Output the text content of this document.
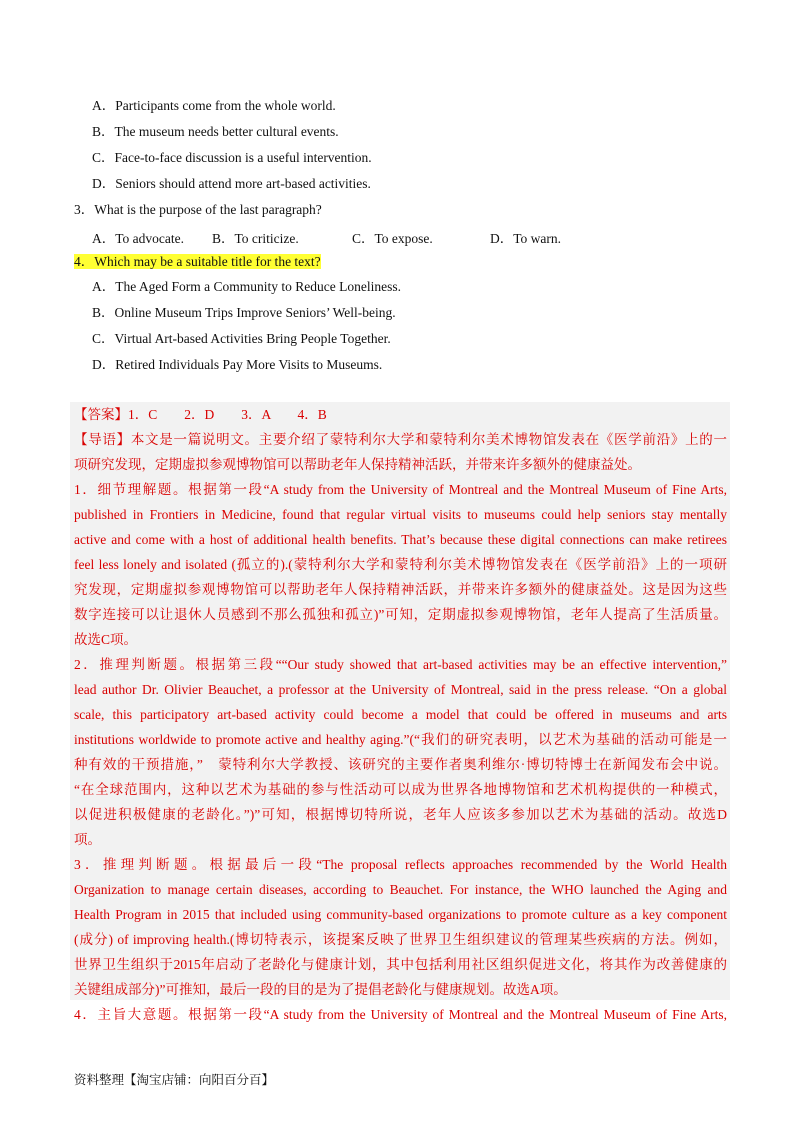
A．Participants come from the whole world.
B．The museum needs better cultural events.
C．Face-to-face discussion is a useful intervention.
D．Seniors should attend more art-based activities.
3．What is the purpose of the last paragraph?
A．To advocate. B．To criticize.	C．To expose.	D．To warn.
4．Which may be a suitable title for the text?
A．The Aged Form a Community to Reduce Loneliness.
B．Online Museum Trips Improve Seniors’ Well-being.
C．Virtual Art-based Activities Bring People Together.
D．Retired Individuals Pay More Visits to Museums.
【答案】1．C　　2．D　　3．A　　4．B
【导语】本文是一篇说明文。主要介绍了蒙特利尔大学和蒙特利尔美术博物馆发表在《医学前沿》上的一
项研究发现，定期虚拟参观博物馆可以帮助老年人保持精神活跃，并带来许多额外的健康益处。
1．细节理解题。根据第一段“A study from the University of Montreal and the Montreal Museum of Fine Arts,
published in Frontiers in Medicine, found that regular virtual visits to museums could help seniors stay mentally
active and come with a host of additional health benefits. That’s because these digital connections can make retirees
feel less lonely and isolated (孤立的).(蒙特利尔大学和蒙特利尔美术博物馆发表在《医学前沿》上的一项研
究发现，定期虚拟参观博物馆可以帮助老年人保持精神活跃，并带来许多额外的健康益处。这是因为这些
数字连接可以让退休人员感到不那么孤独和孤立)”可知，定期虚拟参观博物馆，老年人提高了生活质量。
故选C项。
2．推理判断题。根据第三段““Our study showed that art-based activities may be an effective intervention,”
lead author Dr. Olivier Beauchet, a professor at the University of Montreal, said in the press release. “On a global
scale, this participatory art-based activity could become a model that could be offered in museums and arts
institutions worldwide to promote active and healthy aging.”(“我们的研究表明，以艺术为基础的活动可能是一
种有效的干预措施，”　蒙特利尔大学教授、该研究的主要作者奥利维尔·博切特博士在新闻发布会中说。
“在全球范围内，这种以艺术为基础的参与性活动可以成为世界各地博物馆和艺术机构提供的一种模式，
以促进积极健康的老龄化。”)”可知，根据博切特所说，老年人应该多参加以艺术为基础的活动。故选D
项。
3．推理判断题。根据最后一段“The proposal reflects approaches recommended by the World Health
Organization to manage certain diseases, according to Beauchet. For instance, the WHO launched the Aging and
Health Program in 2015 that included using community-based organizations to promote culture as a key component
(成分) of improving health.(博切特表示，该提案反映了世界卫生组织建议的管理某些疾病的方法。例如，
世界卫生组织于2015年启动了老龄化与健康计划，其中包括利用社区组织促进文化，将其作为改善健康的
关键组成部分)”可推知，最后一段的目的是为了提倡老龄化与健康规划。故选A项。
4．主旨大意题。根据第一段“A study from the University of Montreal and the Montreal Museum of Fine Arts,
资料整理【淘宝店铺：向阳百分百】
